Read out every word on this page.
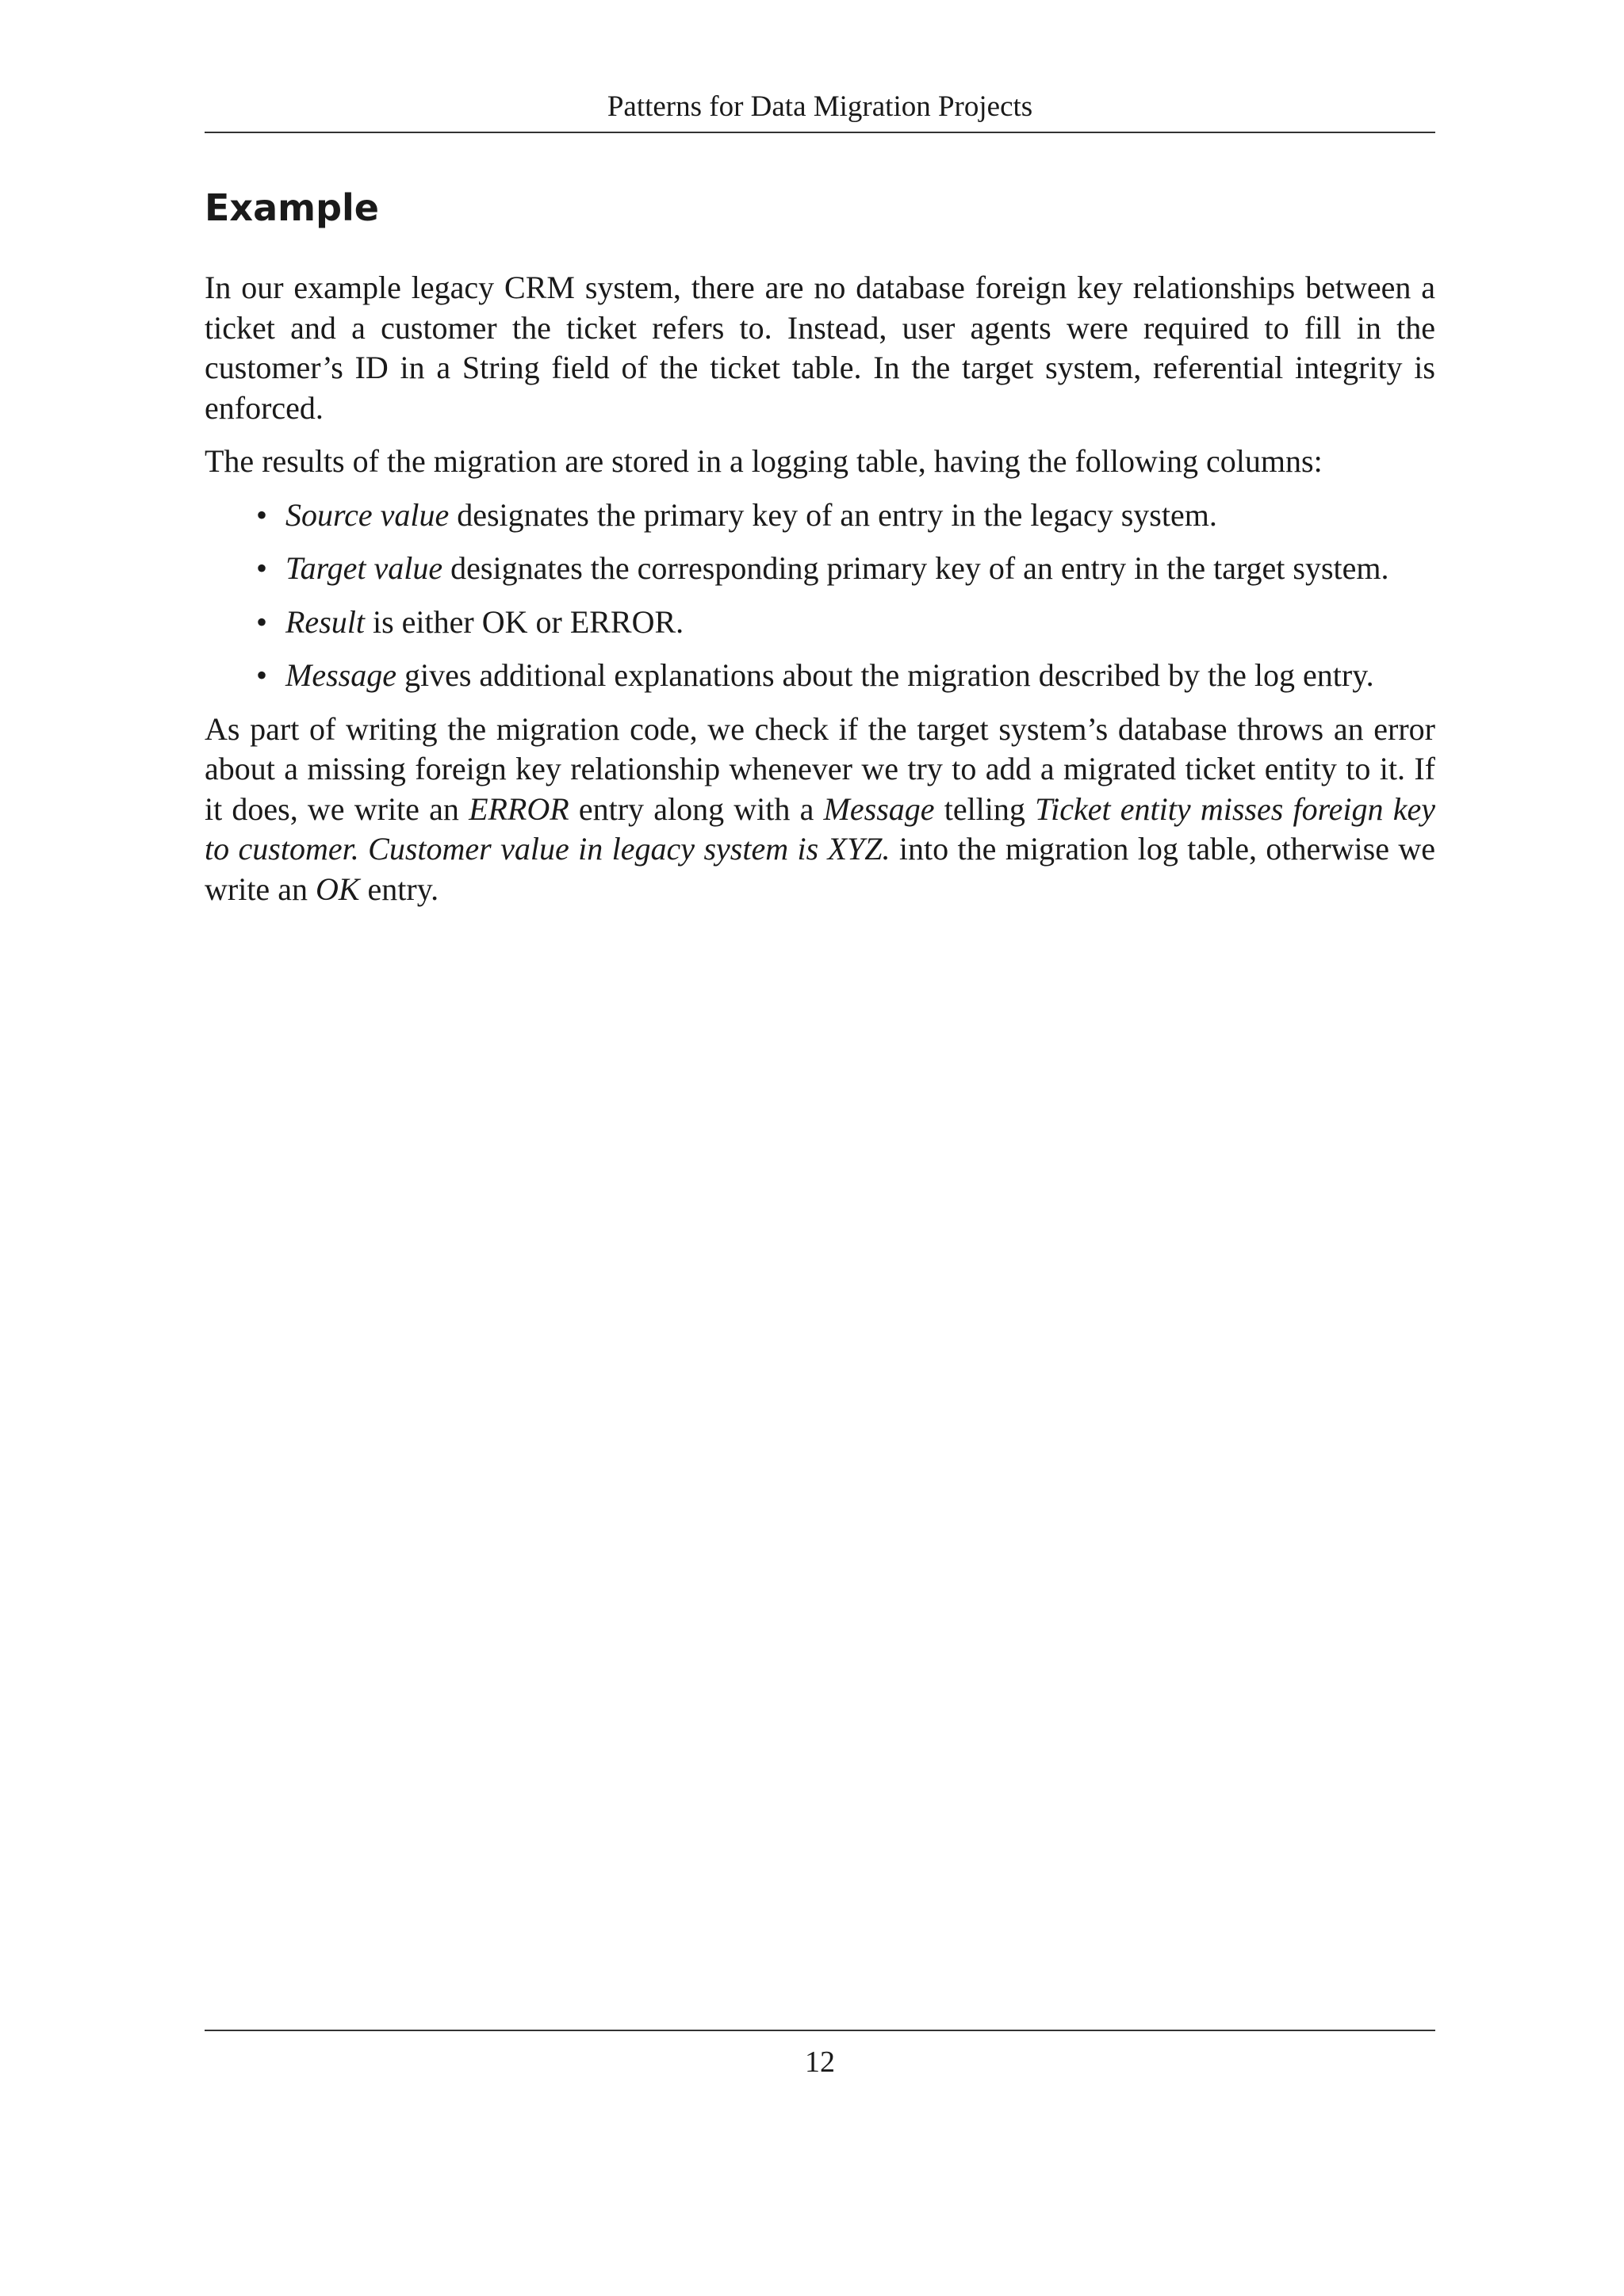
Patterns for Data Migration Projects
Example

In our example legacy CRM system, there are no database foreign key relationships between a ticket and a customer the ticket refers to. Instead, user agents were required to fill in the customer’s ID in a String field of the ticket table. In the target system, referential integrity is enforced.

The results of the migration are stored in a logging table, having the following columns:

• Source value designates the primary key of an entry in the legacy system.
• Target value designates the corresponding primary key of an entry in the target system.
• Result is either OK or ERROR.
• Message gives additional explanations about the migration described by the log entry.

As part of writing the migration code, we check if the target system’s database throws an error about a missing foreign key relationship whenever we try to add a migrated ticket entity to it. If it does, we write an ERROR entry along with a Message telling Ticket entity misses foreign key to customer. Customer value in legacy system is XYZ. into the migration log table, otherwise we write an OK entry.

12
